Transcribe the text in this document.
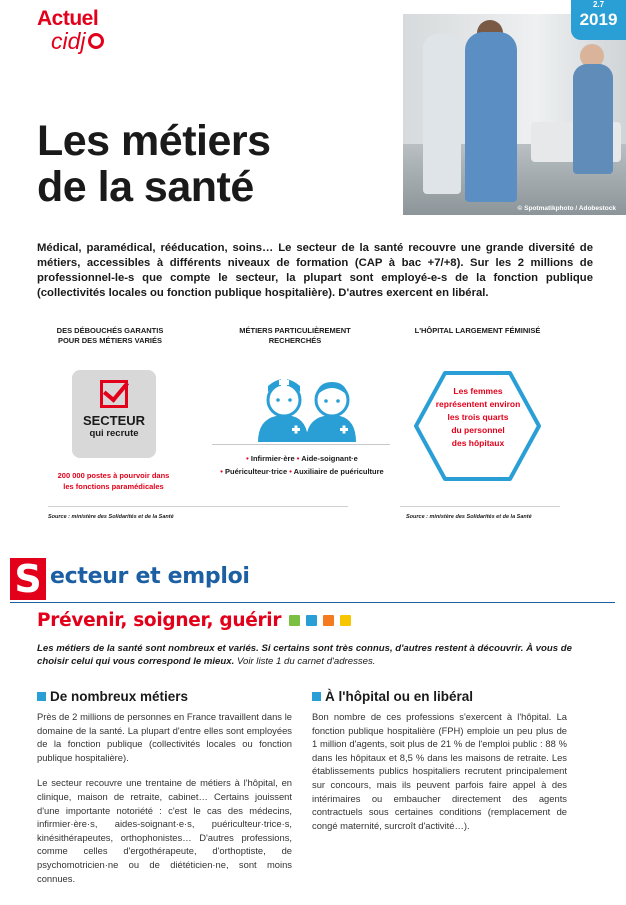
Actuel
cidj
© Spotmatikphoto / Adobestock
2.7
2019
Les métiers
de la santé

Médical, paramédical, rééducation, soins… Le secteur de la santé recouvre une grande diversité de métiers, accessibles à différents niveaux de formation (CAP à bac +7/+8). Sur les 2 millions de professionnel-le-s que compte le secteur, la plupart sont employé-e-s de la fonction publique (collectivités locales ou fonction publique hospitalière). D'autres exercent en libéral.

DES DÉBOUCHÉS GARANTIS
POUR DES MÉTIERS VARIÉS
MÉTIERS PARTICULIÈREMENT
RECHERCHÉS
L'HÔPITAL LARGEMENT FÉMINISÉ
SECTEUR
qui recrute
200 000 postes à pourvoir dans
les fonctions paramédicales
• Infirmier·ère • Aide-soignant·e
• Puériculteur·trice • Auxiliaire de puériculture
Les femmes
représentent environ
les trois quarts
du personnel
des hôpitaux
Source : ministère des Solidarités et de la Santé	Source : ministère des Solidarités et de la Santé
S ecteur et emploi
Prévenir, soigner, guérir

Les métiers de la santé sont nombreux et variés. Si certains sont très connus, d'autres restent à découvrir. À vous de choisir celui qui vous correspond le mieux. Voir liste 1 du carnet d'adresses.

De nombreux métiers	À l'hôpital ou en libéral

Près de 2 millions de personnes en France travaillent dans le domaine de la santé. La plupart d'entre elles sont employées de la fonction publique (collectivités locales ou fonction publique hospitalière).

Le secteur recouvre une trentaine de métiers à l'hôpital, en clinique, maison de retraite, cabinet… Certains jouissent d'une importante notoriété : c'est le cas des médecins, infirmier·ère·s, aides-soignant·e·s, puériculteur·trice·s, kinésithérapeutes, orthophonistes… D'autres professions, comme celles d'ergothérapeute, d'orthoptiste, de psychomotricien·ne ou de diététicien·ne, sont moins connues.

Bon nombre de ces professions s'exercent à l'hôpital. La fonction publique hospitalière (FPH) emploie un peu plus de 1 million d'agents, soit plus de 21 % de l'emploi public : 88 % dans les hôpitaux et 8,5 % dans les maisons de retraite. Les établissements publics hospitaliers recrutent principalement sur concours, mais ils peuvent parfois faire appel à des intérimaires ou embaucher directement des agents contractuels sous certaines conditions (remplacement de congé maternité, surcroît d'activité…).
